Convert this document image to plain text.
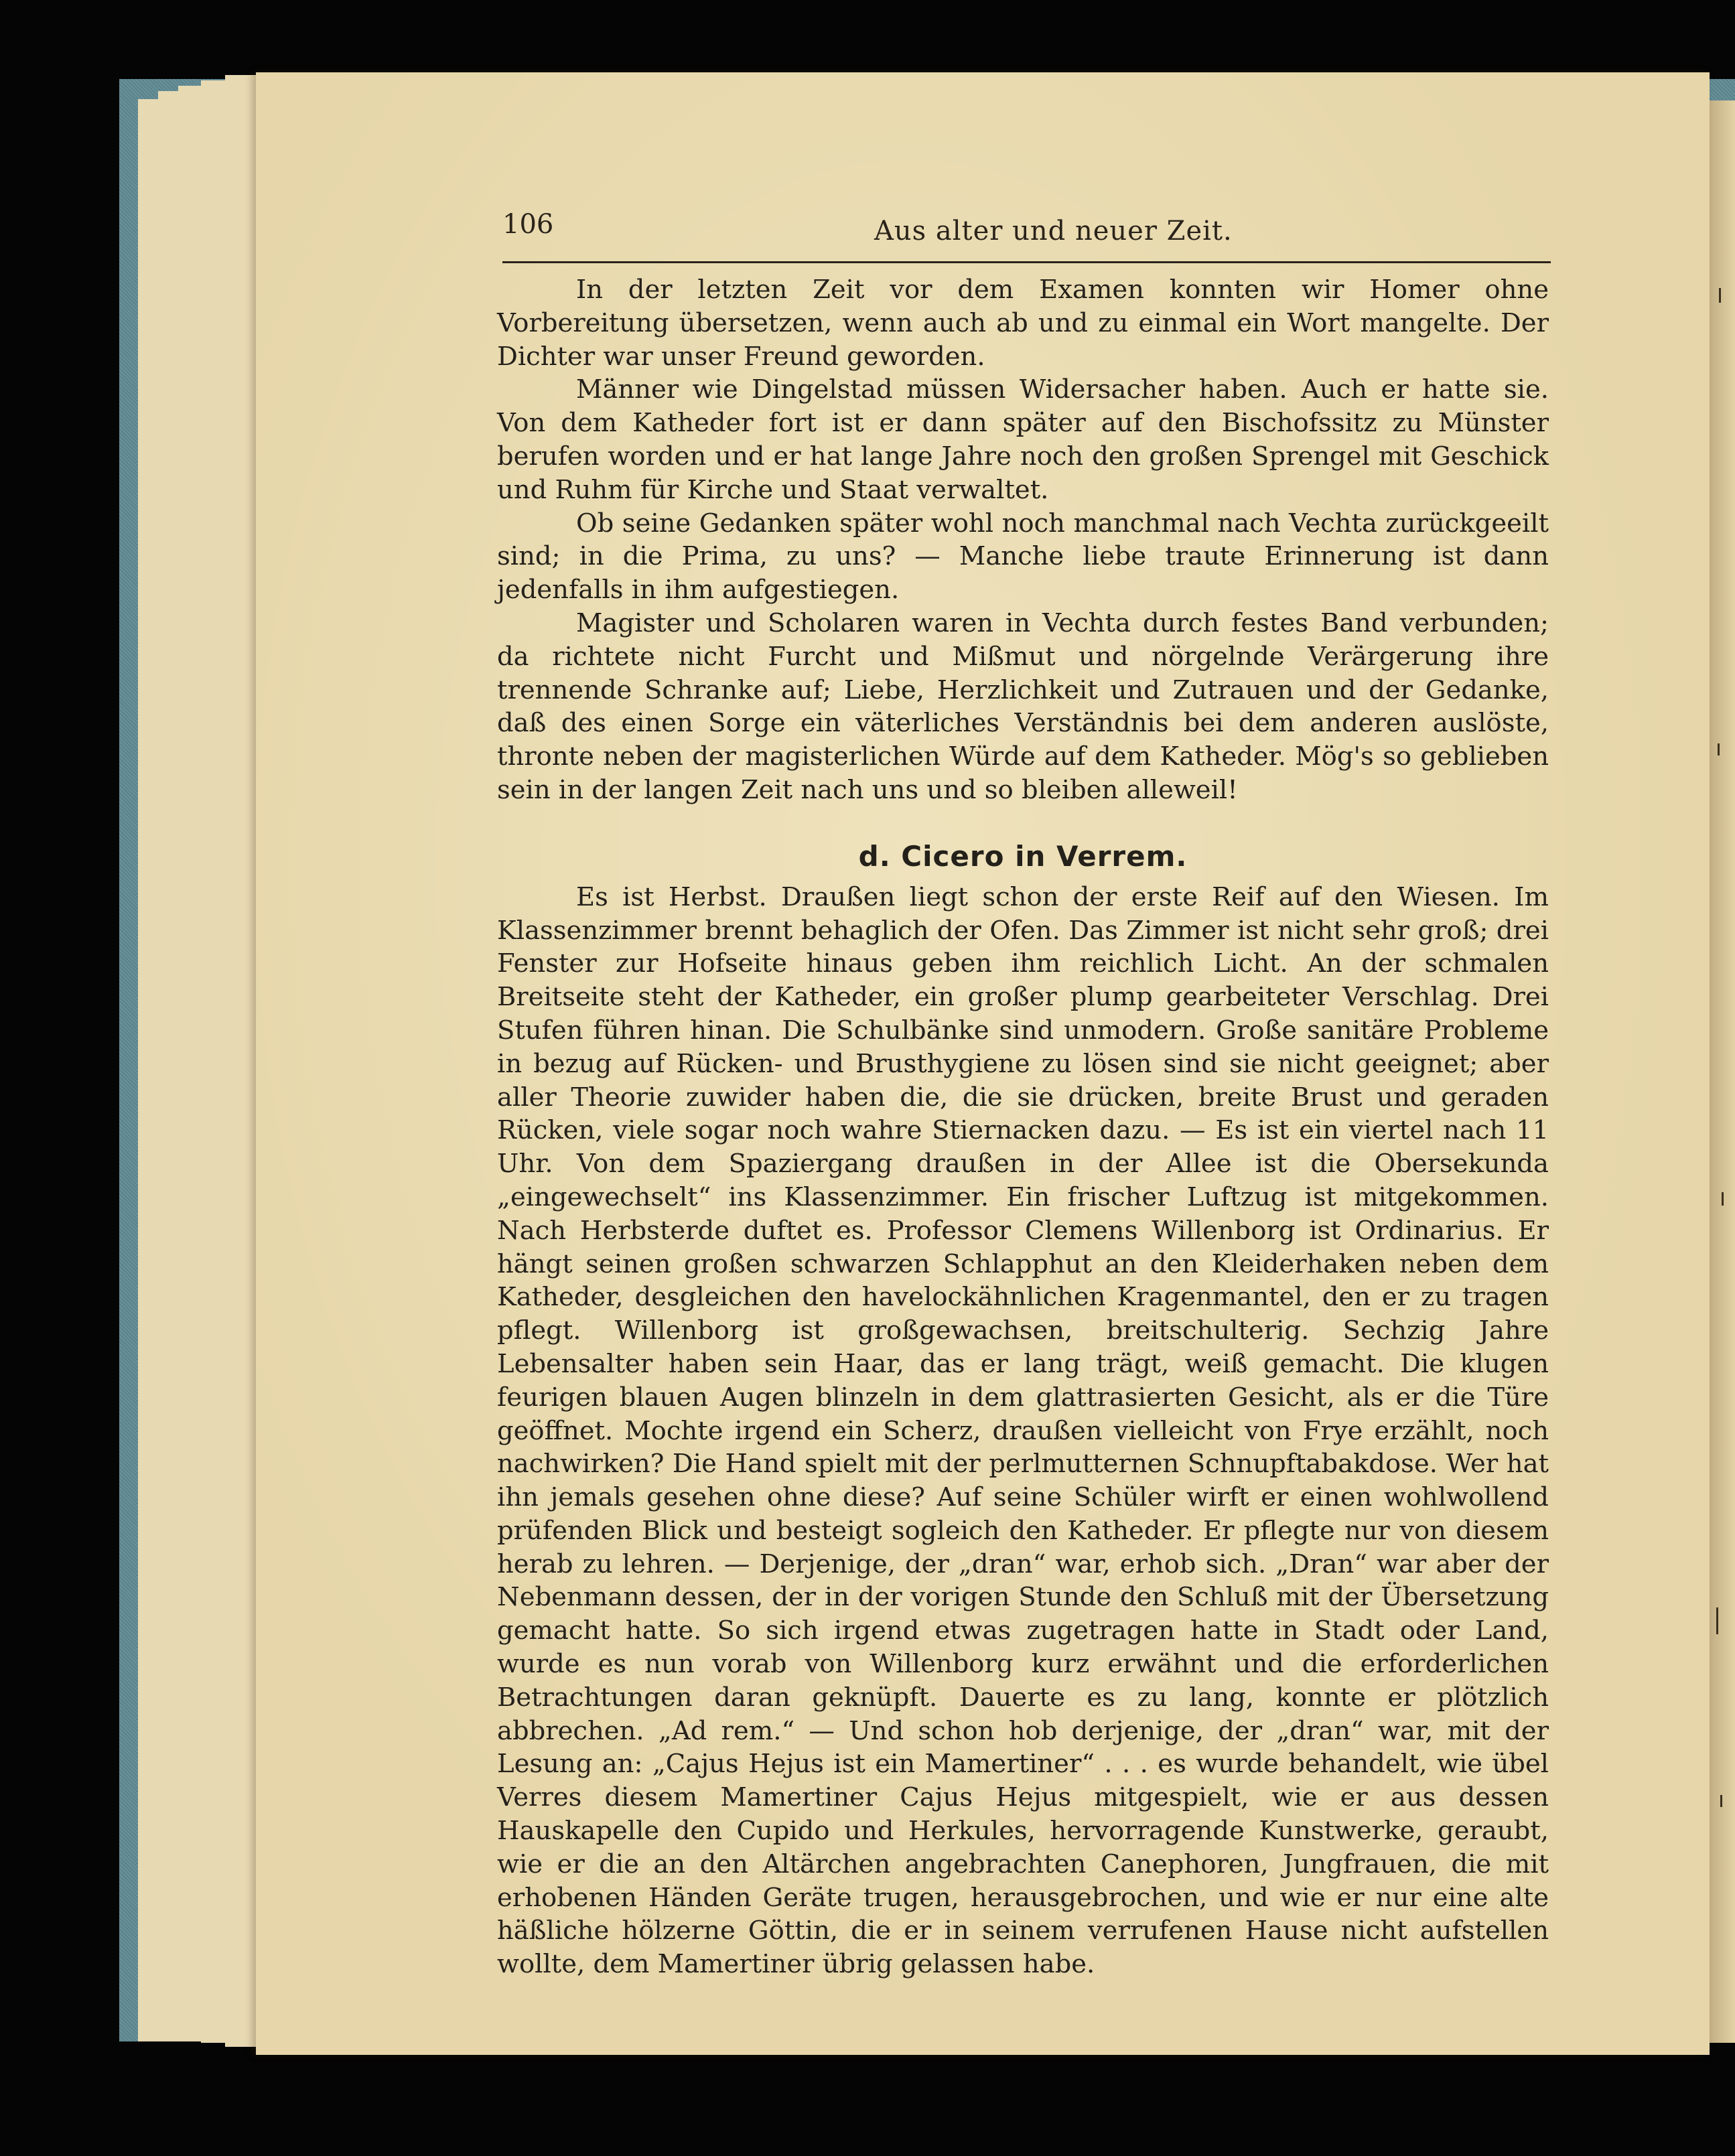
106	Aus alter und neuer Zeit.

In der letzten Zeit vor dem Examen konnten wir Homer ohne Vorbereitung übersetzen, wenn auch ab und zu einmal ein Wort mangelte. Der Dichter war unser Freund geworden.

Männer wie Dingelstad müssen Widersacher haben. Auch er hatte sie. Von dem Katheder fort ist er dann später auf den Bischofssitz zu Münster berufen worden und er hat lange Jahre noch den großen Sprengel mit Geschick und Ruhm für Kirche und Staat verwaltet.

Ob seine Gedanken später wohl noch manchmal nach Vechta zurückgeeilt sind; in die Prima, zu uns? — Manche liebe traute Erinnerung ist dann jedenfalls in ihm aufgestiegen.

Magister und Scholaren waren in Vechta durch festes Band verbunden; da richtete nicht Furcht und Mißmut und nörgelnde Verärgerung ihre trennende Schranke auf; Liebe, Herzlichkeit und Zutrauen und der Gedanke, daß des einen Sorge ein väterliches Verständnis bei dem anderen auslöste, thronte neben der magisterlichen Würde auf dem Katheder. Mög's so geblieben sein in der langen Zeit nach uns und so bleiben alleweil!

d. Cicero in Verrem.

Es ist Herbst. Draußen liegt schon der erste Reif auf den Wiesen. Im Klassenzimmer brennt behaglich der Ofen. Das Zimmer ist nicht sehr groß; drei Fenster zur Hofseite hinaus geben ihm reichlich Licht. An der schmalen Breitseite steht der Katheder, ein großer plump gearbeiteter Verschlag. Drei Stufen führen hinan. Die Schulbänke sind unmodern. Große sanitäre Probleme in bezug auf Rücken- und Brusthygiene zu lösen sind sie nicht geeignet; aber aller Theorie zuwider haben die, die sie drücken, breite Brust und geraden Rücken, viele sogar noch wahre Stiernacken dazu. — Es ist ein viertel nach 11 Uhr. Von dem Spaziergang draußen in der Allee ist die Obersekunda „eingewechselt“ ins Klassenzimmer. Ein frischer Luftzug ist mitgekommen. Nach Herbsterde duftet es. Professor Clemens Willenborg ist Ordinarius. Er hängt seinen großen schwarzen Schlapphut an den Kleiderhaken neben dem Katheder, desgleichen den havelockähnlichen Kragenmantel, den er zu tragen pflegt. Willenborg ist großgewachsen, breitschulterig. Sechzig Jahre Lebensalter haben sein Haar, das er lang trägt, weiß gemacht. Die klugen feurigen blauen Augen blinzeln in dem glattrasierten Gesicht, als er die Türe geöffnet. Mochte irgend ein Scherz, draußen vielleicht von Frye erzählt, noch nachwirken? Die Hand spielt mit der perlmutternen Schnupftabakdose. Wer hat ihn jemals gesehen ohne diese? Auf seine Schüler wirft er einen wohlwollend prüfenden Blick und besteigt sogleich den Katheder. Er pflegte nur von diesem herab zu lehren. — Derjenige, der „dran“ war, erhob sich. „Dran“ war aber der Nebenmann dessen, der in der vorigen Stunde den Schluß mit der Übersetzung gemacht hatte. So sich irgend etwas zugetragen hatte in Stadt oder Land, wurde es nun vorab von Willenborg kurz erwähnt und die erforderlichen Betrachtungen daran geknüpft. Dauerte es zu lang, konnte er plötzlich abbrechen. „Ad rem.“ — Und schon hob derjenige, der „dran“ war, mit der Lesung an: „Cajus Hejus ist ein Mamertiner“ . . . es wurde behandelt, wie übel Verres diesem Mamertiner Cajus Hejus mitgespielt, wie er aus dessen Hauskapelle den Cupido und Herkules, hervorragende Kunstwerke, geraubt, wie er die an den Altärchen angebrachten Canephoren, Jungfrauen, die mit erhobenen Händen Geräte trugen, herausgebrochen, und wie er nur eine alte häßliche hölzerne Göttin, die er in seinem verrufenen Hause nicht aufstellen wollte, dem Mamertiner übrig gelassen habe.
